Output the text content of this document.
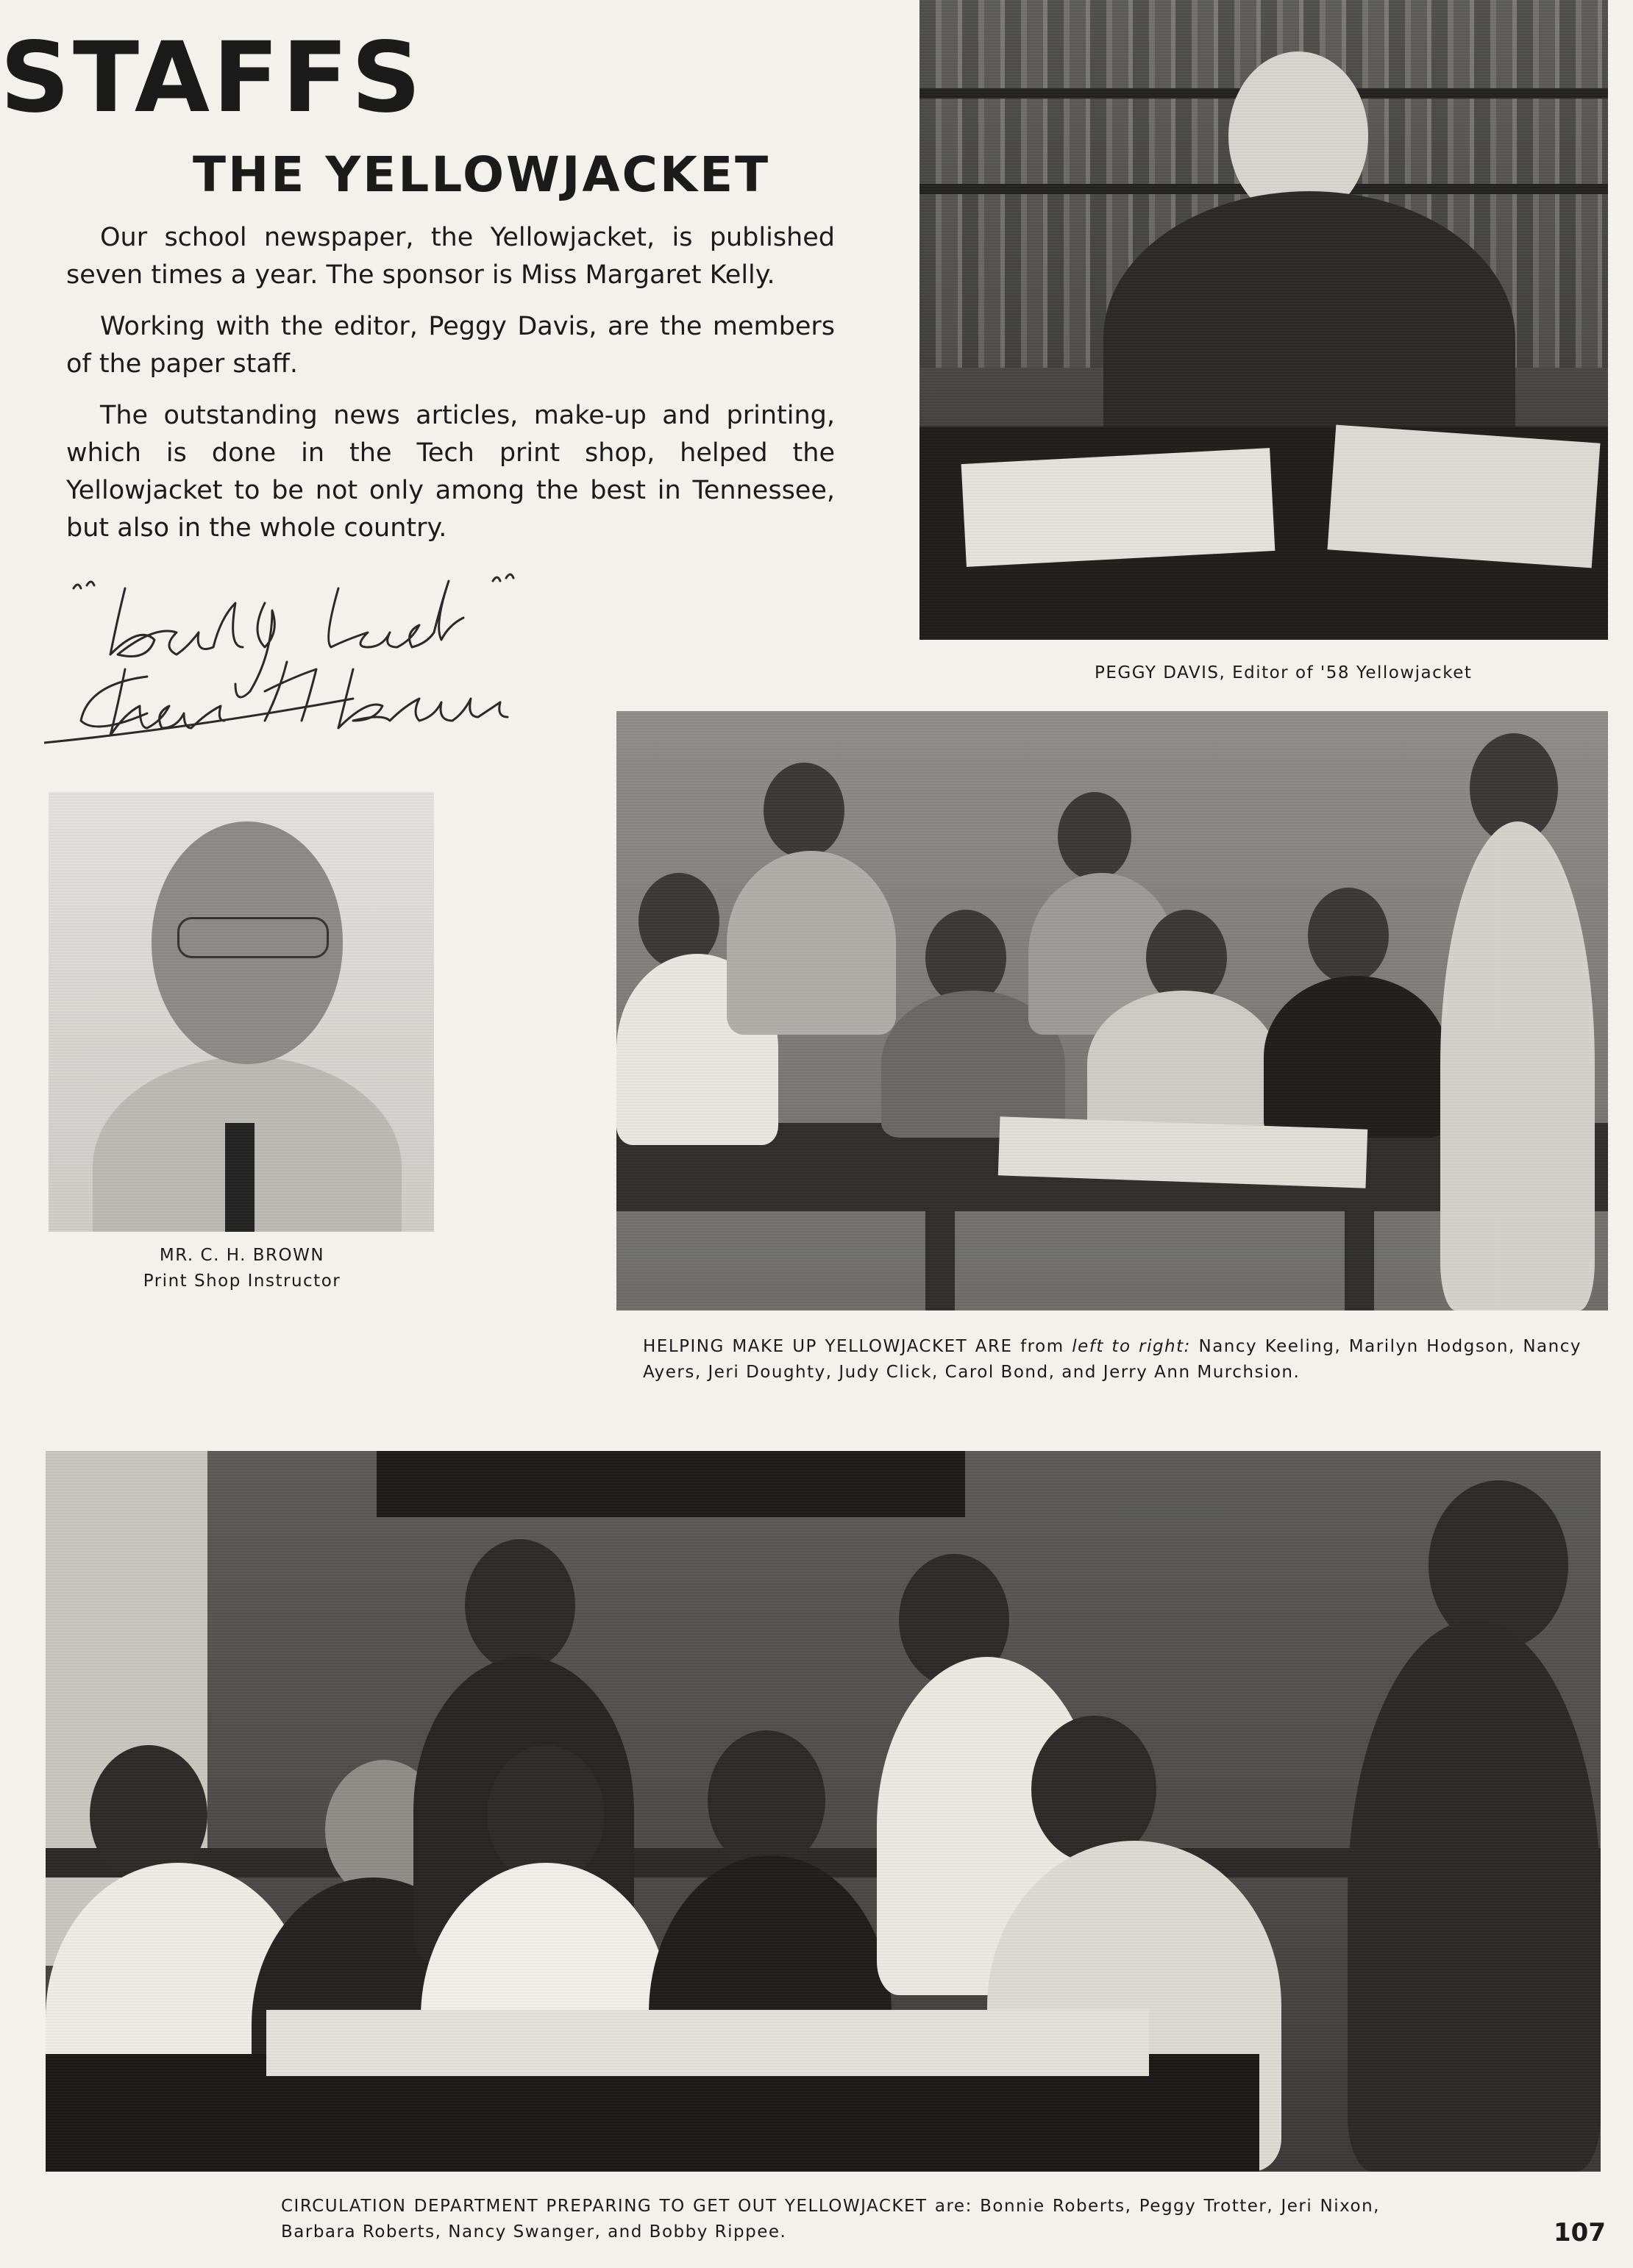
STAFFS
THE YELLOWJACKET

Our school newspaper, the Yellowjacket, is published seven times a year. The sponsor is Miss Margaret Kelly.

Working with the editor, Peggy Davis, are the members of the paper staff.

The outstanding news articles, make-up and printing, which is done in the Tech print shop, helped the Yellowjacket to be not only among the best in Tennessee, but also in the whole country.

PEGGY DAVIS, Editor of '58 Yellowjacket
MR. C. H. BROWN
Print Shop Instructor
HELPING MAKE UP YELLOWJACKET ARE from left to right: Nancy Keeling, Marilyn Hodgson, Nancy Ayers, Jeri Doughty, Judy Click, Carol Bond, and Jerry Ann Murchsion.
CIRCULATION DEPARTMENT PREPARING TO GET OUT YELLOWJACKET are: Bonnie Roberts, Peggy Trotter, Jeri Nixon, Barbara Roberts, Nancy Swanger, and Bobby Rippee.	107
